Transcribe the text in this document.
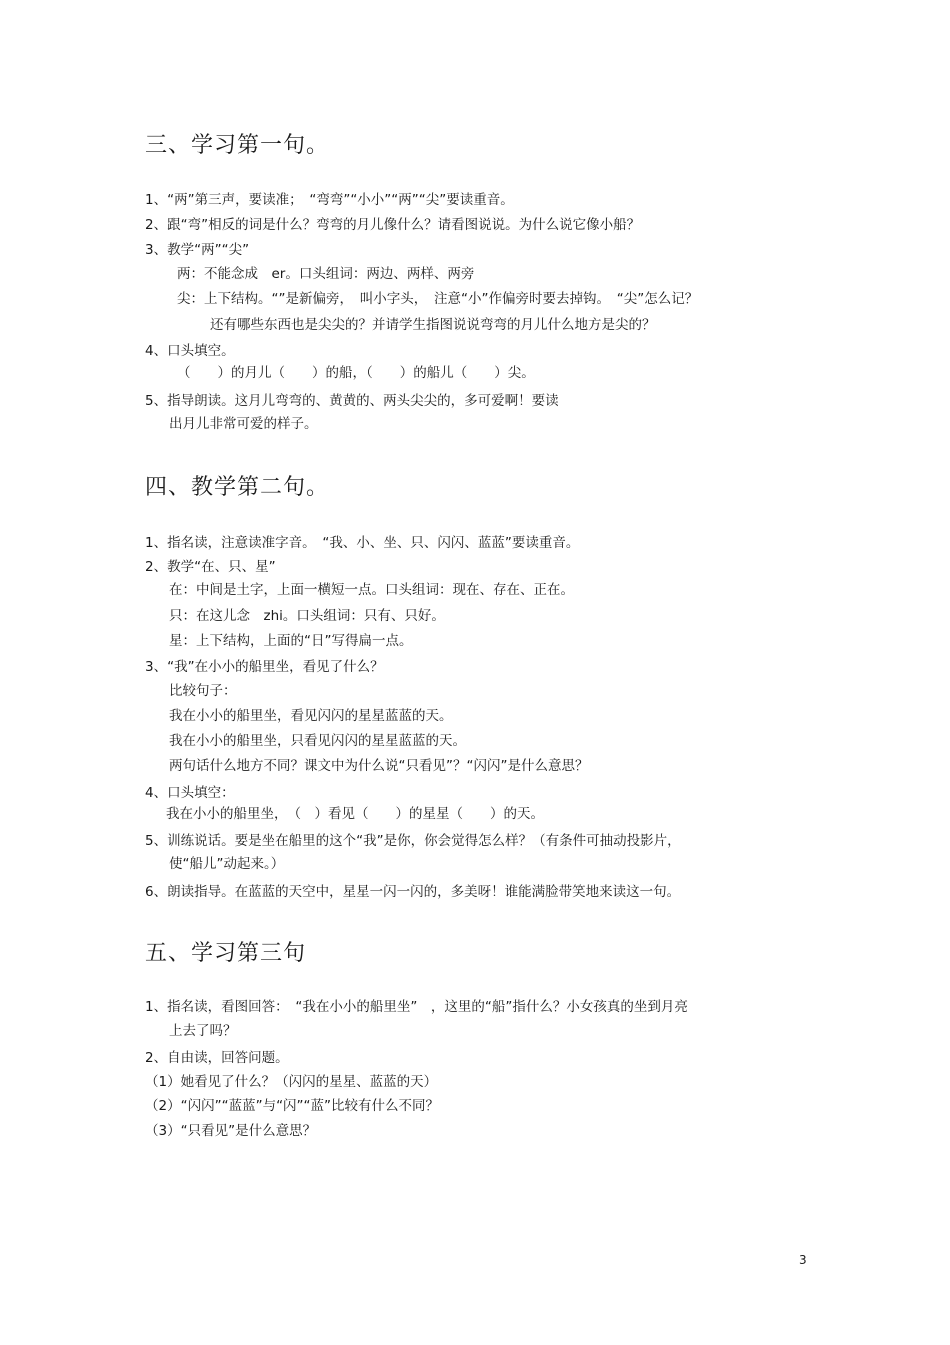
三、学习第一句。
1、“两”第三声，要读准；　“弯弯”“小小”“两”“尖”要读重音。
2、跟“弯”相反的词是什么？弯弯的月儿像什么？请看图说说。为什么说它像小船？
3、教学“两”“尖”
两：不能念成　er。口头组词：两边、两样、两旁
尖：上下结构。“”是新偏旁，　叫小字头，　注意“小”作偏旁时要去掉钩。　“尖”怎么记？
还有哪些东西也是尖尖的？并请学生指图说说弯弯的月儿什么地方是尖的？
4、口头填空。
（　　）的月儿（　　）的船，（　　）的船儿（　　）尖。
5、指导朗读。这月儿弯弯的、黄黄的、两头尖尖的，多可爱啊！要读
出月儿非常可爱的样子。
四、教学第二句。
1、指名读，注意读准字音。　“我、小、坐、只、闪闪、蓝蓝”要读重音。
2、教学“在、只、星”
在：中间是土字，上面一横短一点。口头组词：现在、存在、正在。
只：在这儿念　zhi。口头组词：只有、只好。
星：上下结构，上面的“日”写得扁一点。
3、“我”在小小的船里坐，看见了什么？
比较句子：
我在小小的船里坐，看见闪闪的星星蓝蓝的天。
我在小小的船里坐，只看见闪闪的星星蓝蓝的天。
两句话什么地方不同？课文中为什么说“只看见”？“闪闪”是什么意思？
4、口头填空：
我在小小的船里坐，　（　）看见（　　）的星星（　　）的天。
5、训练说话。要是坐在船里的这个“我”是你，你会觉得怎么样？（有条件可抽动投影片，
使“船儿”动起来。）
6、朗读指导。在蓝蓝的天空中，星星一闪一闪的，多美呀！谁能满脸带笑地来读这一句。
五、学习第三句
1、指名读，看图回答：　“我在小小的船里坐”　，这里的“船”指什么？小女孩真的坐到月亮
上去了吗？
2、自由读，回答问题。
（1）她看见了什么？（闪闪的星星、蓝蓝的天）
（2）“闪闪”“蓝蓝”与“闪”“蓝”比较有什么不同？
（3）“只看见”是什么意思？
3
